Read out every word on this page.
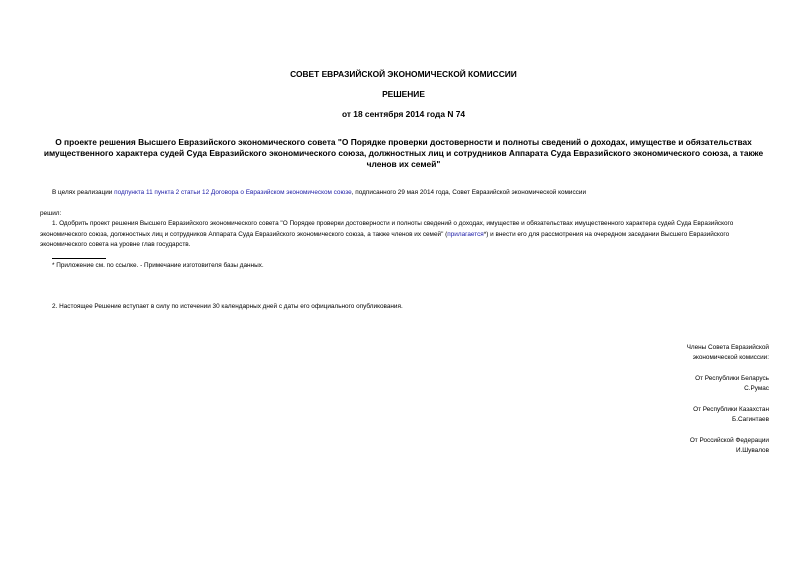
СОВЕТ ЕВРАЗИЙСКОЙ ЭКОНОМИЧЕСКОЙ КОМИССИИ
РЕШЕНИЕ
от 18 сентября 2014 года N 74
О проекте решения Высшего Евразийского экономического совета "О Порядке проверки достоверности и полноты сведений о доходах, имуществе и обязательствах имущественного характера судей Суда Евразийского экономического союза, должностных лиц и сотрудников Аппарата Суда Евразийского экономического союза, а также членов их семей"
В целях реализации подпункта 11 пункта 2 статьи 12 Договора о Евразийском экономическом союзе, подписанного 29 мая 2014 года, Совет Евразийской экономической комиссии
решил:
1. Одобрить проект решения Высшего Евразийского экономического совета "О Порядке проверки достоверности и полноты сведений о доходах, имуществе и обязательствах имущественного характера судей Суда Евразийского экономического союза, должностных лиц и сотрудников Аппарата Суда Евразийского экономического союза, а также членов их семей" (прилагается*) и внести его для рассмотрения на очередном заседании Высшего Евразийского экономического совета на уровне глав государств.
* Приложение см. по ссылке. - Примечание изготовителя базы данных.
2. Настоящее Решение вступает в силу по истечении 30 календарных дней с даты его официального опубликования.
Члены Совета Евразийской
экономической комиссии:
От Республики Беларусь
С.Румас
От Республики Казахстан
Б.Сагинтаев
От Российской Федерации
И.Шувалов
